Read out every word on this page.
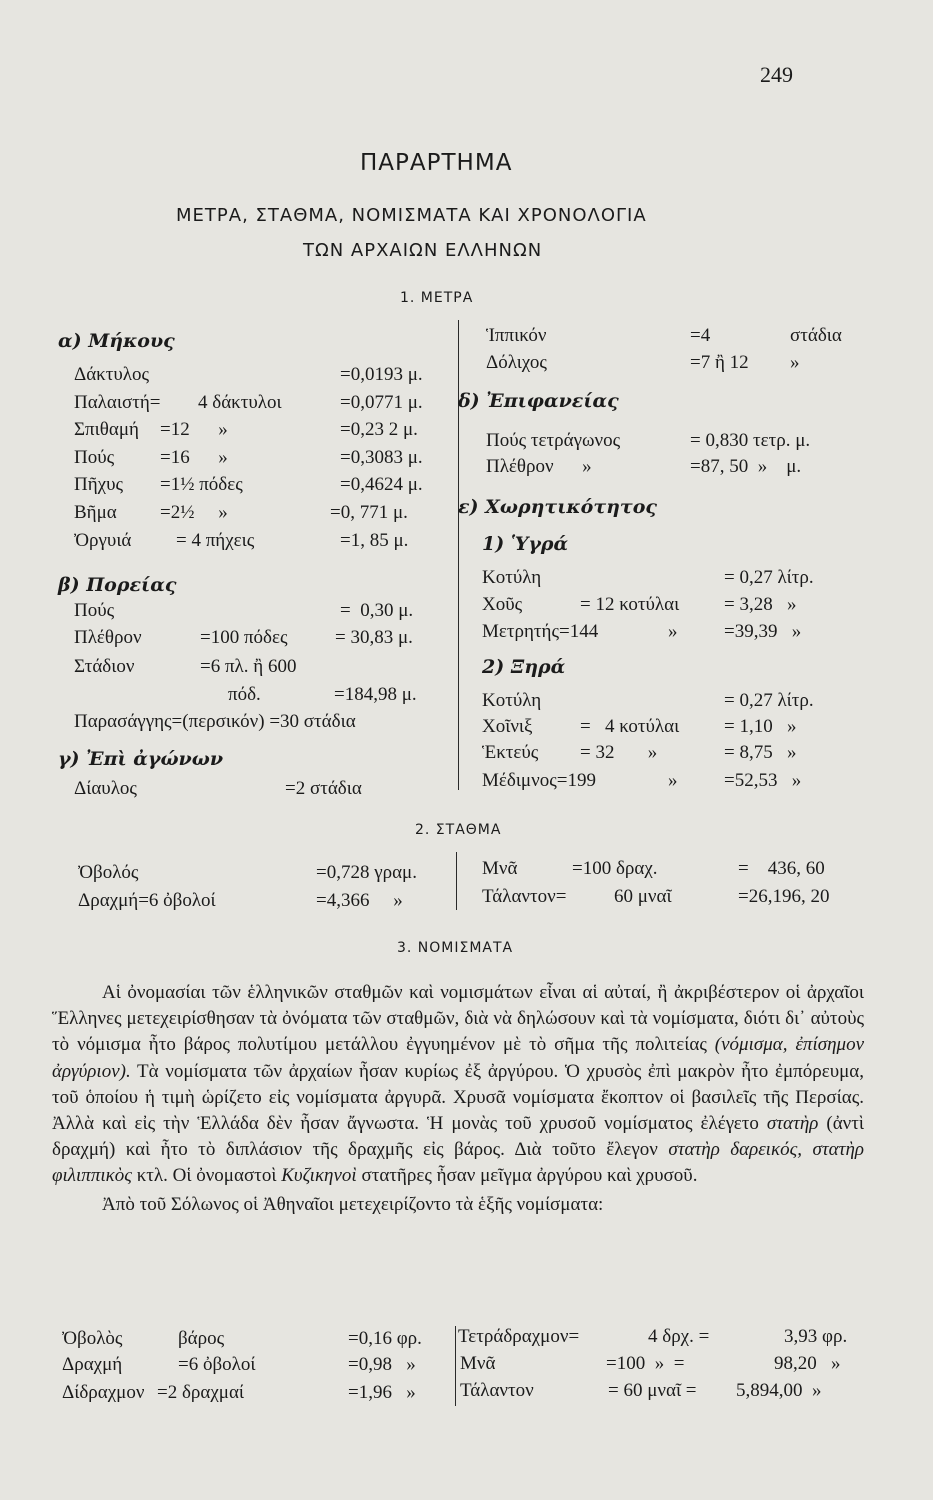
249
ΠΑΡΑΡΤΗΜΑ
ΜΕΤΡΑ, ΣΤΑΘΜΑ, ΝΟΜΙΣΜΑΤΑ ΚΑΙ ΧΡΟΝΟΛΟΓΙΑ
ΤΩΝ ΑΡΧΑΙΩΝ ΕΛΛΗΝΩΝ
1. ΜΕΤΡΑ
α) Μήκους
Δάκτυλος	=0,0193 μ.
Παλαιστή= 4 δάκτυλοι	=0,0771 μ.
Σπιθαμή =12      »	=0,23 2 μ.
Πούς =16      »	=0,3083 μ.
Πῆχυς =1½ πόδες	=0,4624 μ.
Βῆμα =2½     »	=0, 771 μ.
Ὀργυιά = 4 πήχεις	=1, 85 μ.
β) Πορείας
Πούς	=  0,30 μ.
Πλέθρον	=100 πόδες = 30,83 μ.
Στάδιον	=6 πλ. ἢ 600
πόδ.	=184,98 μ.
Παρασάγγης=(περσικόν) =30 στάδια
γ) Ἐπὶ ἀγώνων
Δίαυλος	=2 στάδια
Ἱππικόν	=4	στάδια
Δόλιχος	=7 ἢ 12 »
δ) Ἐπιφανείας
Πούς τετράγωνος	= 0,830 τετρ. μ.
Πλέθρον      »	=87, 50  »    μ.
ε) Χωρητικότητος
1) Ὑγρά
Κοτύλη	= 0,27 λίτρ.
Χοῦς	= 12 κοτύλαι = 3,28   »
Μετρητής=144	» =39,39   »
2) Ξηρά
Κοτύλη	= 0,27 λίτρ.
Χοῖνιξ =   4 κοτύλαι = 1,10   »
Ἑκτεύς = 32       »	= 8,75   »
Μέδιμνος=199	» =52,53   »
2. ΣΤΑΘΜΑ
Ὀβολός	=0,728 γραμ.
Δραχμή=6 ὀβολοί	=4,366     »
Μνᾶ	=100 δραχ.	=    436, 60
Τάλαντον=	60 μναῖ	=26,196, 20
3. ΝΟΜΙΣΜΑΤΑ

Αἱ ὀνομασίαι τῶν ἑλληνικῶν σταθμῶν καὶ νομισμάτων εἶναι αἱ αὐταί, ἢ ἀκριβέστερον οἱ ἀρχαῖοι Ἕλληνες μετεχειρίσθησαν τὰ ὀνόματα τῶν σταθμῶν, διὰ νὰ δηλώσουν καὶ τὰ νομίσματα, διότι δι᾽ αὐτοὺς τὸ νόμισμα ἦτο βάρος πολυτίμου μετάλλου ἐγγυημένον μὲ τὸ σῆμα τῆς πολιτείας (νόμισμα, ἐπίσημον ἀργύριον). Τὰ νομίσματα τῶν ἀρχαίων ἦσαν κυρίως ἐξ ἀργύρου. Ὁ χρυσὸς ἐπὶ μακρὸν ἦτο ἐμπόρευμα, τοῦ ὁποίου ἡ τιμὴ ὡρίζετο εἰς νομίσματα ἀργυρᾶ. Χρυσᾶ νομίσματα ἔκοπτον οἱ βασιλεῖς τῆς Περσίας. Ἀλλὰ καὶ εἰς τὴν Ἑλλάδα δὲν ἦσαν ἄγνωστα. Ἡ μονὰς τοῦ χρυσοῦ νομίσματος ἐλέγετο στατὴρ (ἀντὶ δραχμή) καὶ ἦτο τὸ διπλάσιον τῆς δραχμῆς εἰς βάρος. Διὰ τοῦτο ἔλεγον στατὴρ δαρεικός, στατὴρ φιλιππικὸς κτλ. Οἱ ὀνομαστοὶ Κυζικηνοὶ στατῆρες ἦσαν μεῖγμα ἀργύρου καὶ χρυσοῦ.

Ἀπὸ τοῦ Σόλωνος οἱ Ἀθηναῖοι μετεχειρίζοντο τὰ ἑξῆς νομίσματα:

Ὀβολὸς	βάρος	=0,16 φρ.
Δραχμή	=6 ὀβολοί	=0,98   »
Δίδραχμον =2 δραχμαί	=1,96   »
Τετράδραχμον=	4 δρχ. =	3,93 φρ.
Μνᾶ	=100  »  =	98,20   »
Τάλαντον	= 60 μναῖ = 5,894,00  »
